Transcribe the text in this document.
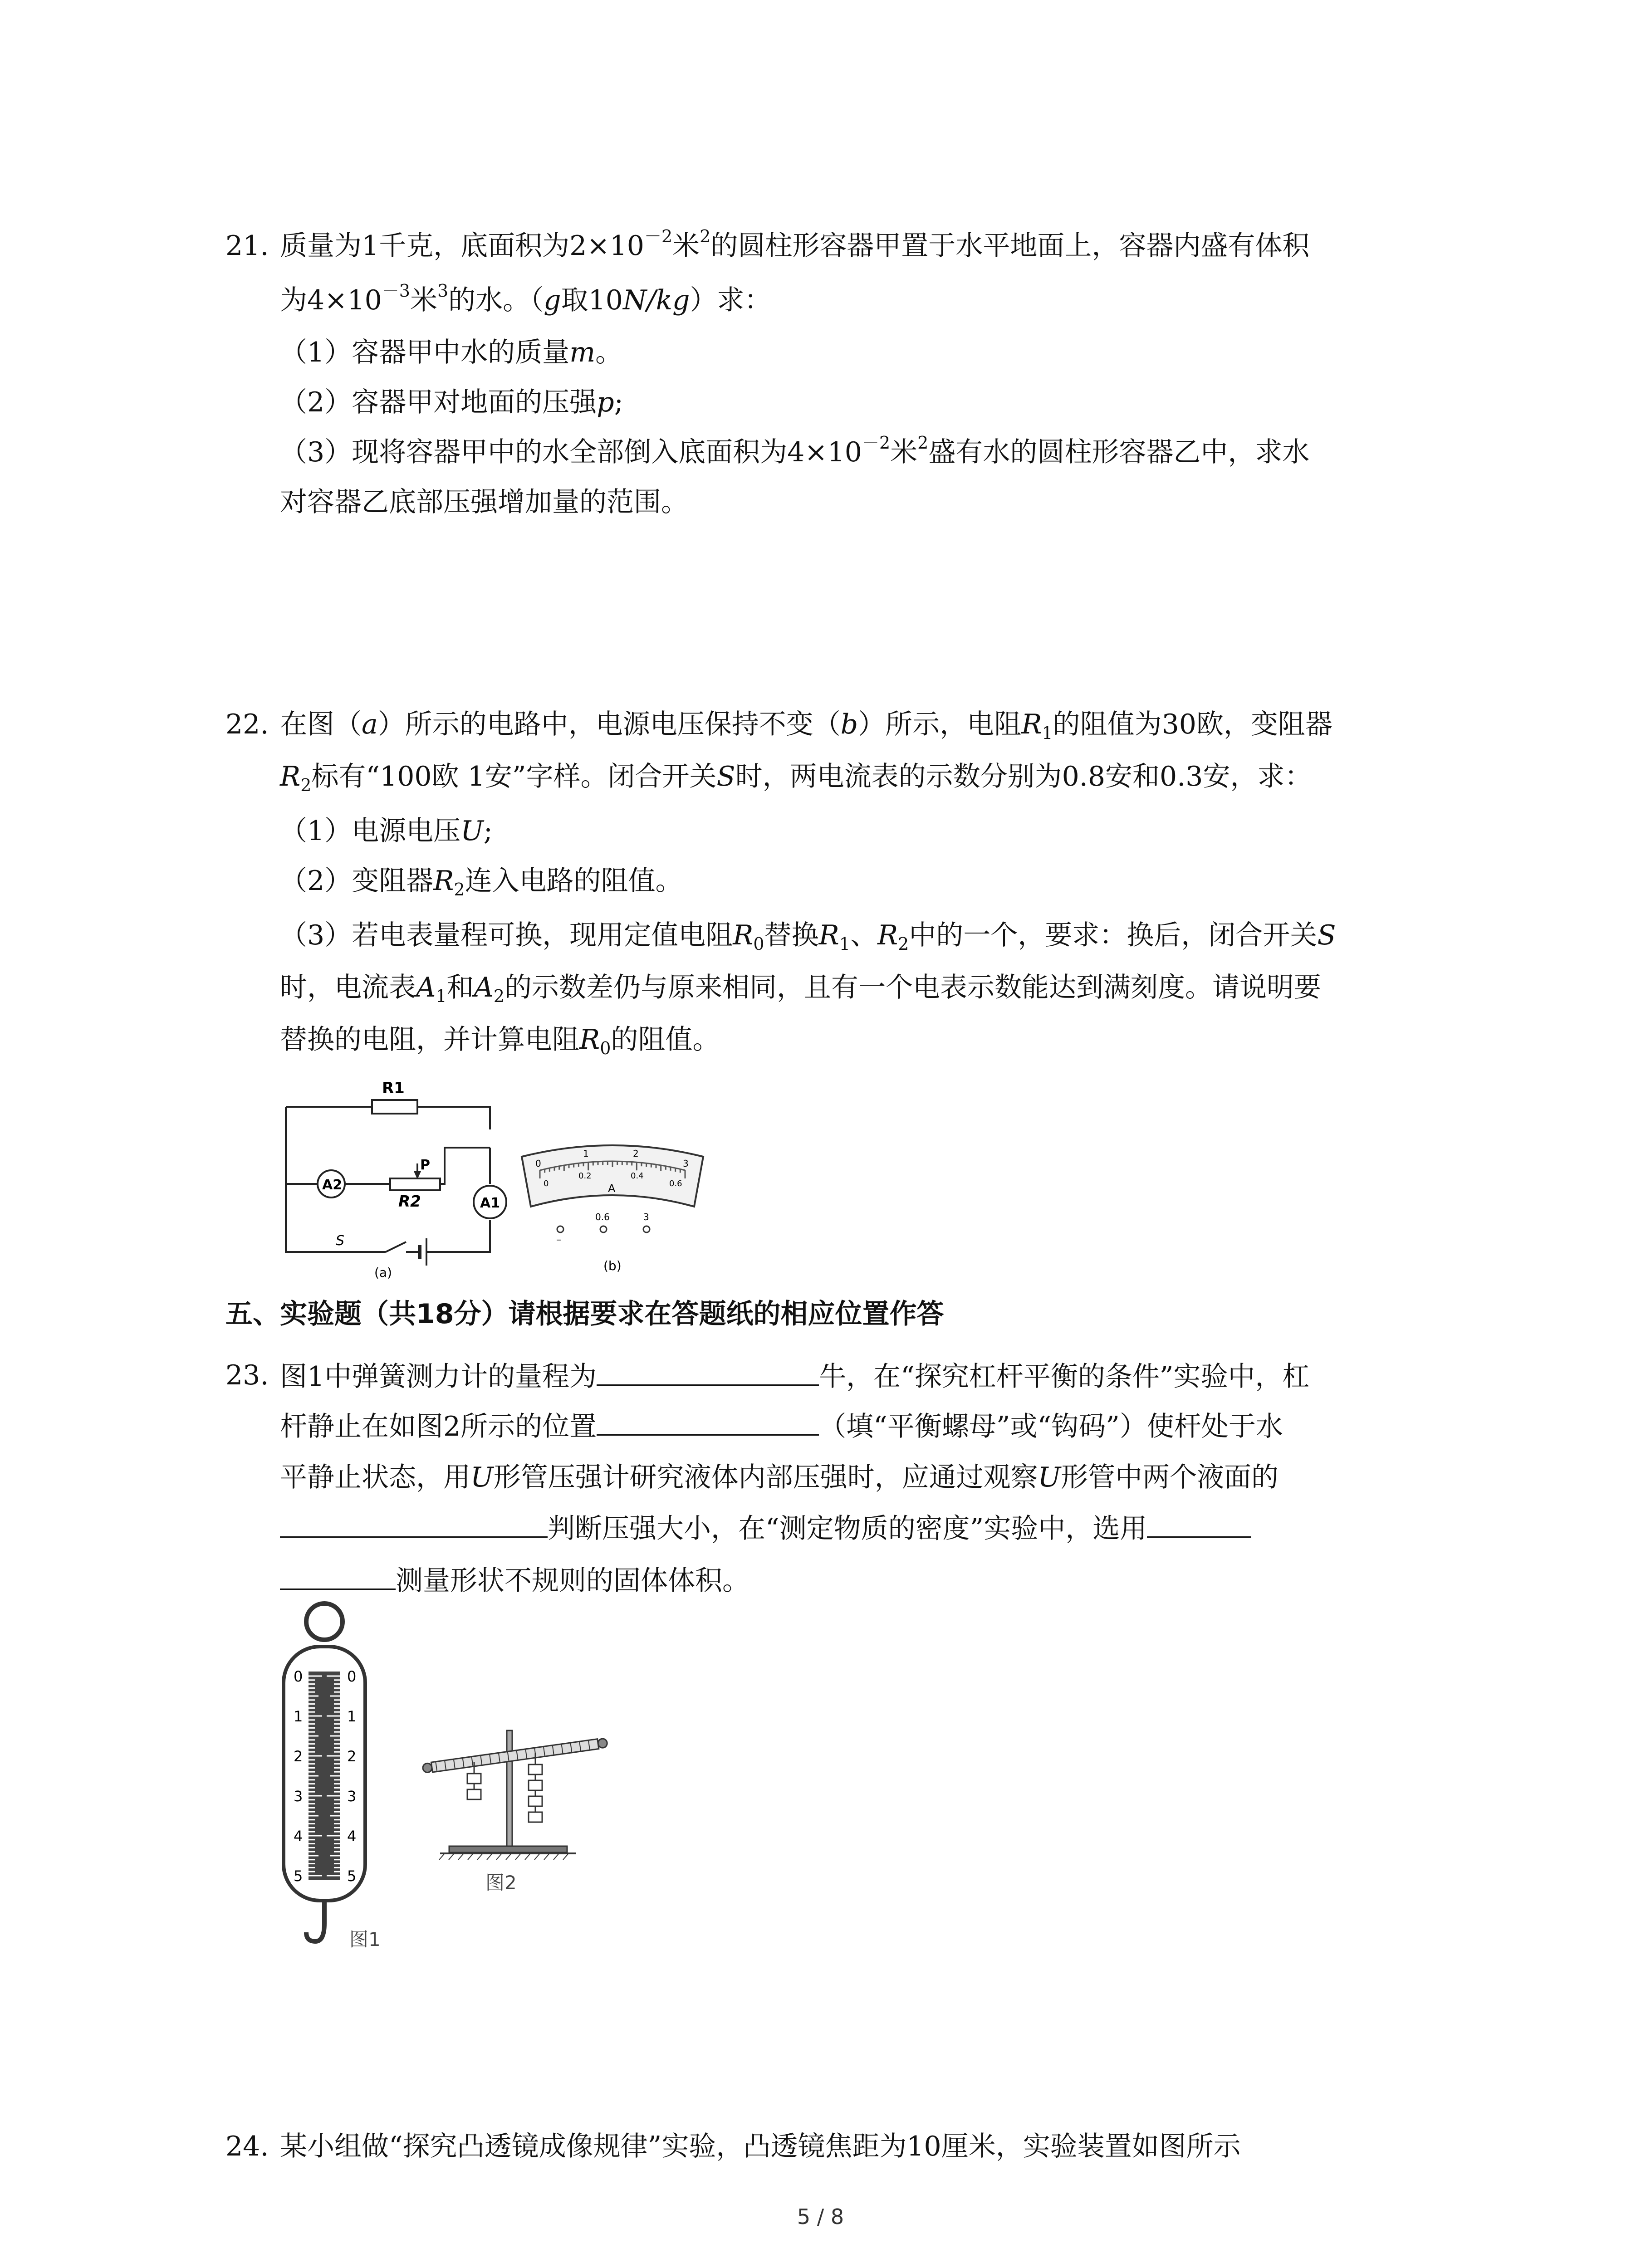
21. 质量为1千克，底面积为$2\times 10^{-2}$米$^2$的圆柱形容器甲置于水平地面上，容器内盛有体积
为$4\times 10^{-3}$米$^3$的水。（g取10N/kg）求：
（1）容器甲中水的质量m。
（2）容器甲对地面的压强p;
（3）现将容器甲中的水全部倒入底面积为$4\times 10^{-2}$米$^2$盛有水的圆柱形容器乙中，求水
对容器乙底部压强增加量的范围。
22. 在图（a）所示的电路中，电源电压保持不变（b）所示，电阻$R_1$的阻值为30欧，变阻器
$R_2$标有“100欧 1安”字样。闭合开关S时，两电流表的示数分别为0.8安和0.3安，求：
（1）电源电压U;
（2）变阻器$R_2$连入电路的阻值。
（3）若电表量程可换，现用定值电阻$R_0$替换$R_1$、$R_2$中的一个，要求：换后，闭合开关S
时，电流表$A_1$和$A_2$的示数差仍与原来相同，且有一个电表示数能达到满刻度。请说明要
替换的电阻，并计算电阻$R_0$的阻值。
R1
A2
P
R2	A1
S
(a)
0
1	2
3
0
0.2	0.4
0.6
A
–
0.6	3
(b)
五、实验题（共18分）请根据要求在答题纸的相应位置作答
23. 图1中弹簧测力计的量程为	牛，在“探究杠杆平衡的条件”实验中，杠
杆静止在如图2所示的位置	（填“平衡螺母”或“钩码”）使杆处于水
平静止状态，用U形管压强计研究液体内部压强时，应通过观察U形管中两个液面的
判断压强大小，在“测定物质的密度”实验中，选用
测量形状不规则的固体体积。
0
1
2
3
4
5
0
1
2
3
4
5
图1
图2
24. 某小组做“探究凸透镜成像规律”实验，凸透镜焦距为10厘米，实验装置如图所示
5 / 8
